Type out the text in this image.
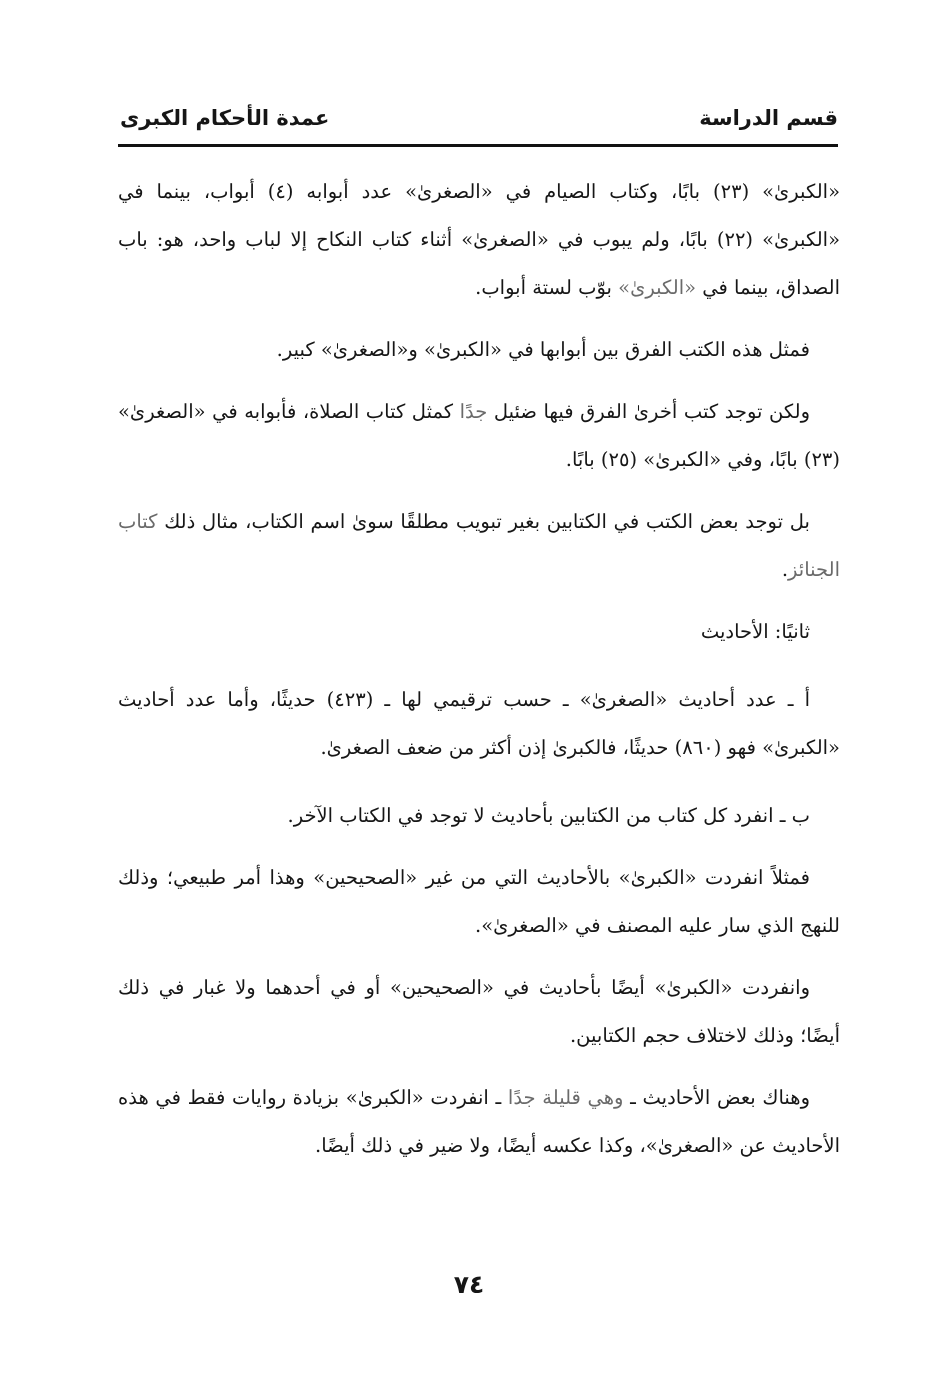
قسم الدراسة
عمدة الأحكام الكبرى

«الكبرىٰ» (٢٣) بابًا، وكتاب الصيام في «الصغرىٰ» عدد أبوابه (٤) أبواب، بينما في «الكبرىٰ» (٢٢) بابًا، ولم يبوب في «الصغرىٰ» أثناء كتاب النكاح إلا لباب واحد، هو: باب الصداق، بينما في «الكبرىٰ» بوّب لستة أبواب.

فمثل هذه الكتب الفرق بين أبوابها في «الكبرىٰ» و«الصغرىٰ» كبير.

ولكن توجد كتب أخرىٰ الفرق فيها ضئيل جدًا كمثل كتاب الصلاة، فأبوابه في «الصغرىٰ» (٢٣) بابًا، وفي «الكبرىٰ» (٢٥) بابًا.

بل توجد بعض الكتب في الكتابين بغير تبويب مطلقًا سوىٰ اسم الكتاب، مثال ذلك كتاب الجنائز.

ثانيًا: الأحاديث

أ ـ عدد أحاديث «الصغرىٰ» ـ حسب ترقيمي لها ـ (٤٢٣) حديثًا، وأما عدد أحاديث «الكبرىٰ» فهو (٨٦٠) حديثًا، فالكبرىٰ إذن أكثر من ضعف الصغرىٰ.

ب ـ انفرد كل كتاب من الكتابين بأحاديث لا توجد في الكتاب الآخر.

فمثلاً انفردت «الكبرىٰ» بالأحاديث التي من غير «الصحيحين» وهذا أمر طبيعي؛ وذلك للنهج الذي سار عليه المصنف في «الصغرىٰ».

وانفردت «الكبرىٰ» أيضًا بأحاديث في «الصحيحين» أو في أحدهما ولا غبار في ذلك أيضًا؛ وذلك لاختلاف حجم الكتابين.

وهناك بعض الأحاديث ـ وهي قليلة جدًا ـ انفردت «الكبرىٰ» بزيادة روايات فقط في هذه الأحاديث عن «الصغرىٰ»، وكذا عكسه أيضًا، ولا ضير في ذلك أيضًا.

٧٤
